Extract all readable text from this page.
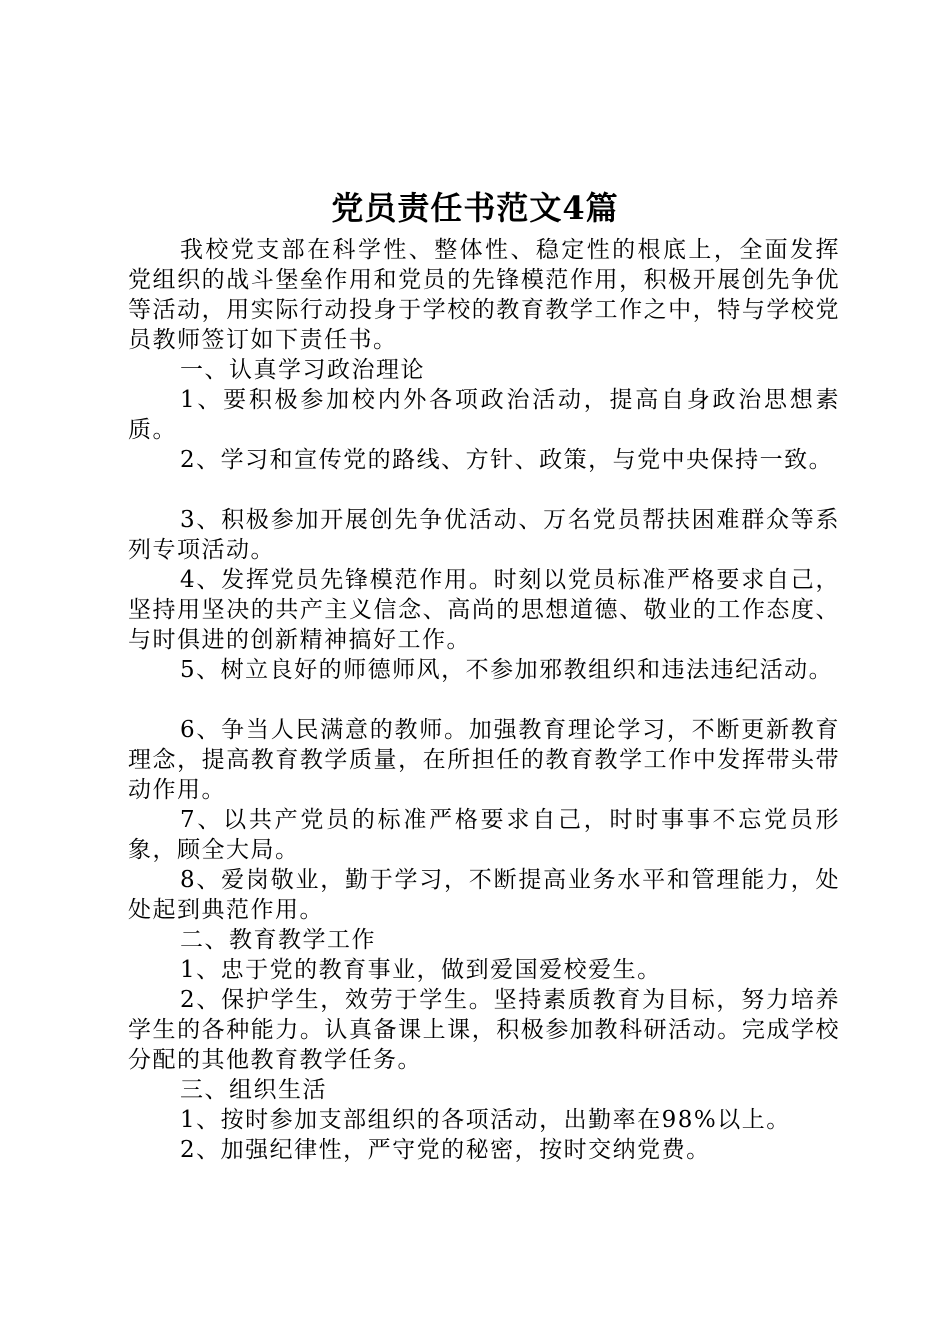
党员责任书范文4篇

我校党支部在科学性、整体性、稳定性的根底上，全面发挥党组织的战斗堡垒作用和党员的先锋模范作用，积极开展创先争优等活动，用实际行动投身于学校的教育教学工作之中，特与学校党员教师签订如下责任书。

一、认真学习政治理论

1、要积极参加校内外各项政治活动，提高自身政治思想素质。

2、学习和宣传党的路线、方针、政策，与党中央保持一致。

3、积极参加开展创先争优活动、万名党员帮扶困难群众等系列专项活动。

4、发挥党员先锋模范作用。时刻以党员标准严格要求自己，坚持用坚决的共产主义信念、高尚的思想道德、敬业的工作态度、与时俱进的创新精神搞好工作。

5、树立良好的师德师风，不参加邪教组织和违法违纪活动。

6、争当人民满意的教师。加强教育理论学习，不断更新教育理念，提高教育教学质量，在所担任的教育教学工作中发挥带头带动作用。

7、以共产党员的标准严格要求自己，时时事事不忘党员形象，顾全大局。

8、爱岗敬业，勤于学习，不断提高业务水平和管理能力，处处起到典范作用。

二、教育教学工作

1、忠于党的教育事业，做到爱国爱校爱生。

2、保护学生，效劳于学生。坚持素质教育为目标，努力培养学生的各种能力。认真备课上课，积极参加教科研活动。完成学校分配的其他教育教学任务。

三、组织生活

1、按时参加支部组织的各项活动，出勤率在98%以上。

2、加强纪律性，严守党的秘密，按时交纳党费。
